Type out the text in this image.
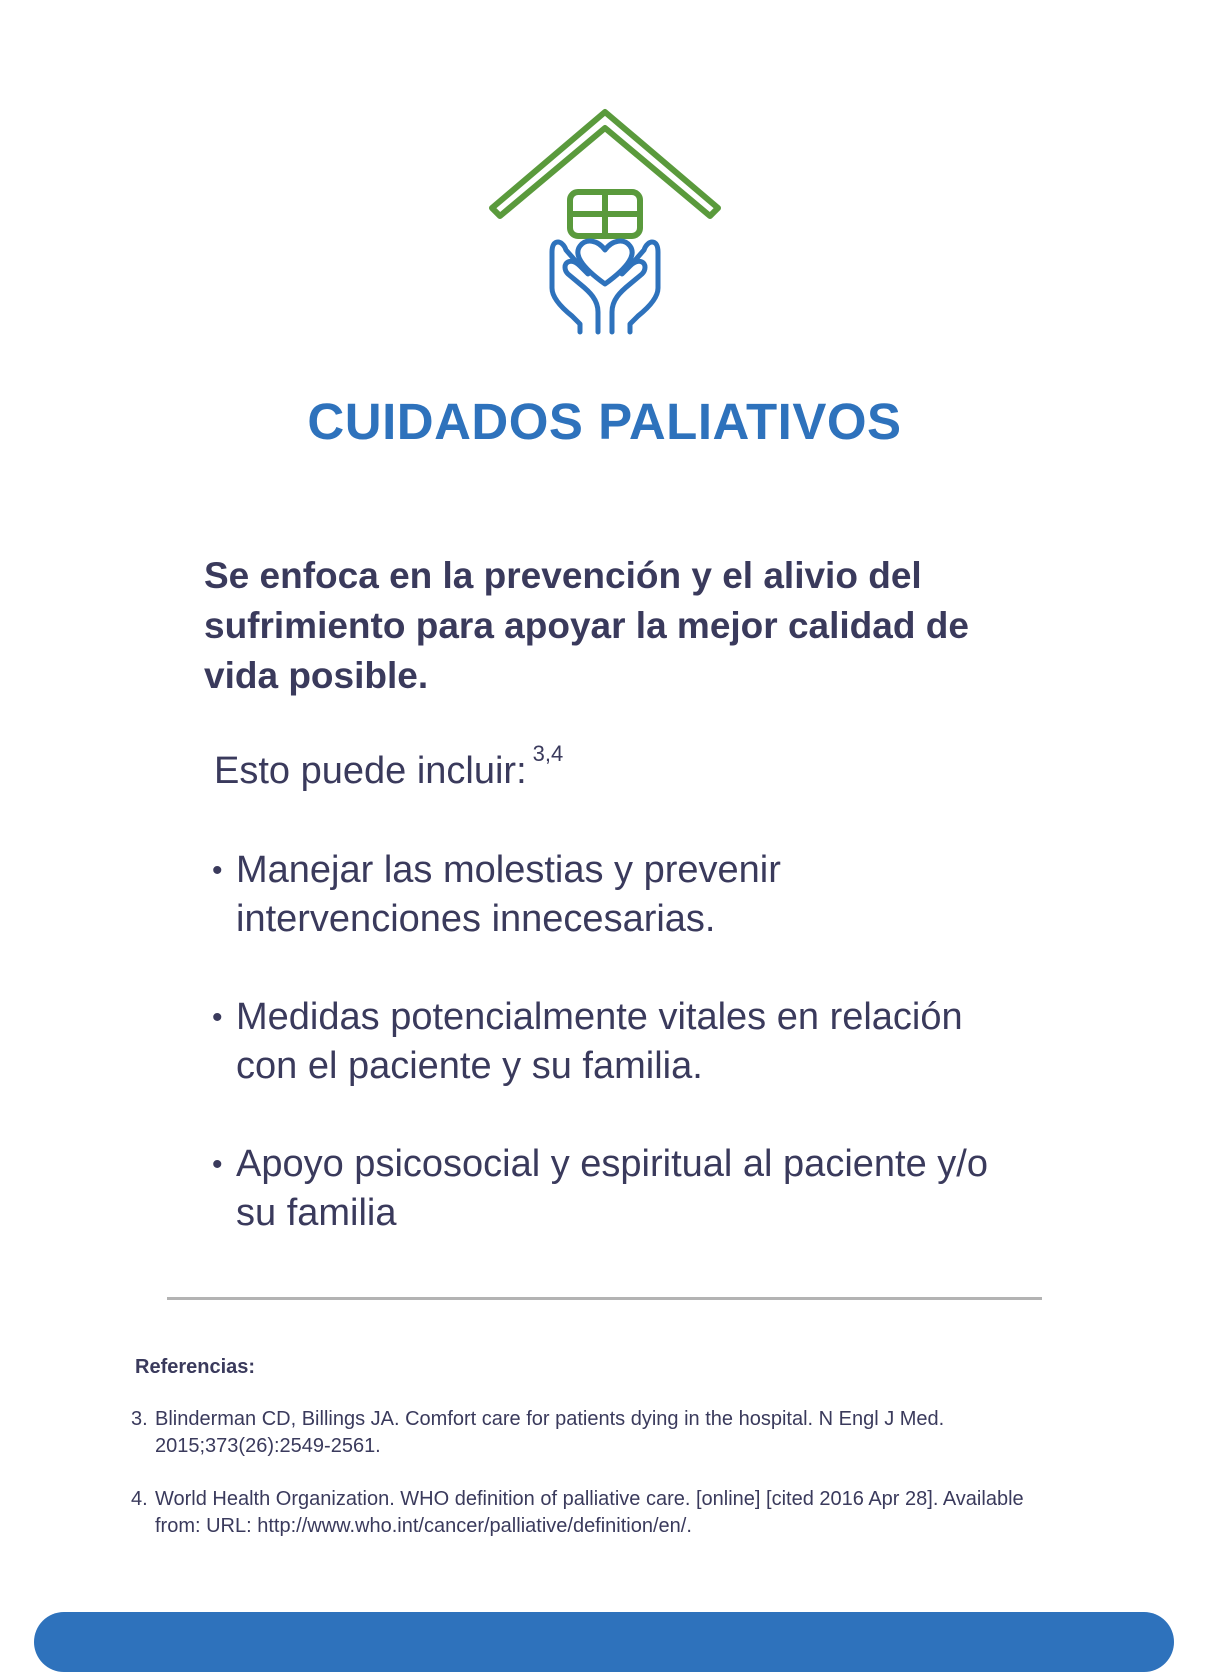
CUIDADOS PALIATIVOS
Se enfoca en la prevención y el alivio del sufrimiento para apoyar la mejor calidad de vida posible.
Esto puede incluir: $^{3,4}$
• Manejar las molestias y prevenir intervenciones innecesarias.
• Medidas potencialmente vitales en relación con el paciente y su familia.
• Apoyo psicosocial y espiritual al paciente y/o su familia
Referencias:
3. Blinderman CD, Billings JA. Comfort care for patients dying in the hospital. N Engl J Med. 2015;373(26):2549-2561.
4. World Health Organization. WHO definition of palliative care. [online] [cited 2016 Apr 28]. Available from: URL: http://www.who.int/cancer/palliative/definition/en/.
